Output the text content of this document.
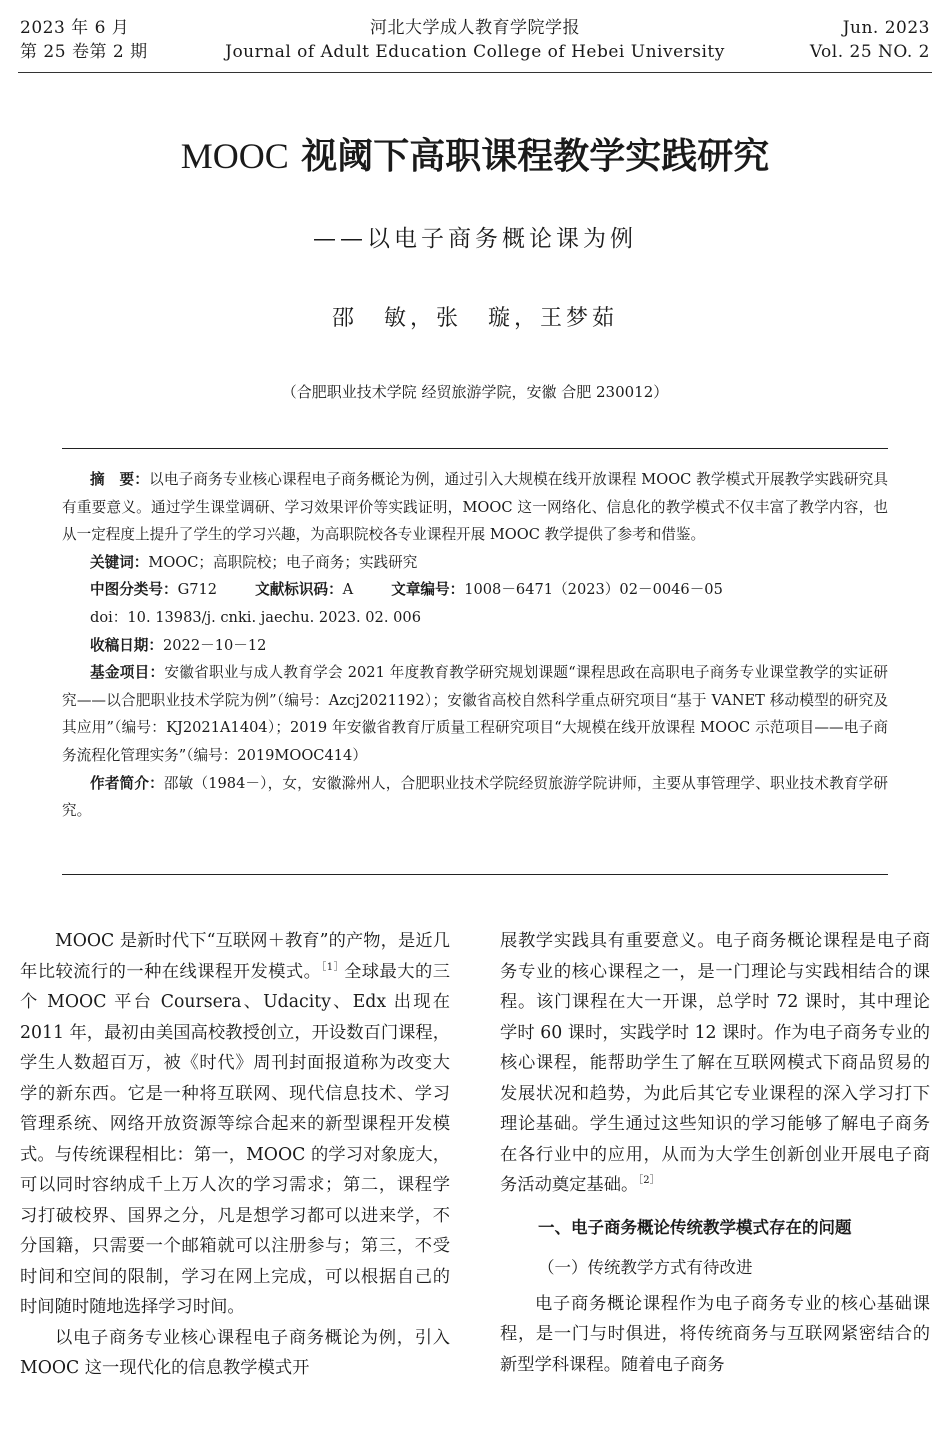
2023 年 6 月
第 25 卷第 2 期
河北大学成人教育学院学报
Journal of Adult Education College of Hebei University
Jun. 2023
Vol. 25 NO. 2
MOOC 视阈下高职课程教学实践研究
——以电子商务概论课为例
邵　敏，张　璇，王梦茹
（合肥职业技术学院 经贸旅游学院，安徽 合肥 230012）

摘　要：以电子商务专业核心课程电子商务概论为例，通过引入大规模在线开放课程 MOOC 教学模式开展教学实践研究具有重要意义。通过学生课堂调研、学习效果评价等实践证明，MOOC 这一网络化、信息化的教学模式不仅丰富了教学内容，也从一定程度上提升了学生的学习兴趣，为高职院校各专业课程开展 MOOC 教学提供了参考和借鉴。

关键词：MOOC；高职院校；电子商务；实践研究

中图分类号：G712	文献标识码：A	文章编号：1008－6471（2023）02－0046－05

doi：10. 13983/j. cnki. jaechu. 2023. 02. 006

收稿日期：2022－10－12

基金项目：安徽省职业与成人教育学会 2021 年度教育教学研究规划课题“课程思政在高职电子商务专业课堂教学的实证研究——以合肥职业技术学院为例”（编号：Azcj2021192）；安徽省高校自然科学重点研究项目“基于 VANET 移动模型的研究及其应用”（编号：KJ2021A1404）；2019 年安徽省教育厅质量工程研究项目“大规模在线开放课程 MOOC 示范项目——电子商务流程化管理实务”（编号：2019MOOC414）

作者简介：邵敏（1984－），女，安徽滁州人，合肥职业技术学院经贸旅游学院讲师，主要从事管理学、职业技术教育学研究。

MOOC 是新时代下“互联网＋教育”的产物，是近几年比较流行的一种在线课程开发模式。$^{[1]}$全球最大的三个 MOOC 平台 Coursera、Udacity、Edx 出现在 2011 年，最初由美国高校教授创立，开设数百门课程，学生人数超百万，被《时代》周刊封面报道称为改变大学的新东西。它是一种将互联网、现代信息技术、学习管理系统、网络开放资源等综合起来的新型课程开发模式。与传统课程相比：第一，MOOC 的学习对象庞大，可以同时容纳成千上万人次的学习需求；第二，课程学习打破校界、国界之分，凡是想学习都可以进来学，不分国籍，只需要一个邮箱就可以注册参与；第三，不受时间和空间的限制，学习在网上完成，可以根据自己的时间随时随地选择学习时间。

以电子商务专业核心课程电子商务概论为例，引入 MOOC 这一现代化的信息教学模式开

展教学实践具有重要意义。电子商务概论课程是电子商务专业的核心课程之一，是一门理论与实践相结合的课程。该门课程在大一开课，总学时 72 课时，其中理论学时 60 课时，实践学时 12 课时。作为电子商务专业的核心课程，能帮助学生了解在互联网模式下商品贸易的发展状况和趋势，为此后其它专业课程的深入学习打下理论基础。学生通过这些知识的学习能够了解电子商务在各行业中的应用，从而为大学生创新创业开展电子商务活动奠定基础。$^{[2]}$

一、电子商务概论传统教学模式存在的问题

（一）传统教学方式有待改进

电子商务概论课程作为电子商务专业的核心基础课程，是一门与时俱进，将传统商务与互联网紧密结合的新型学科课程。随着电子商务
